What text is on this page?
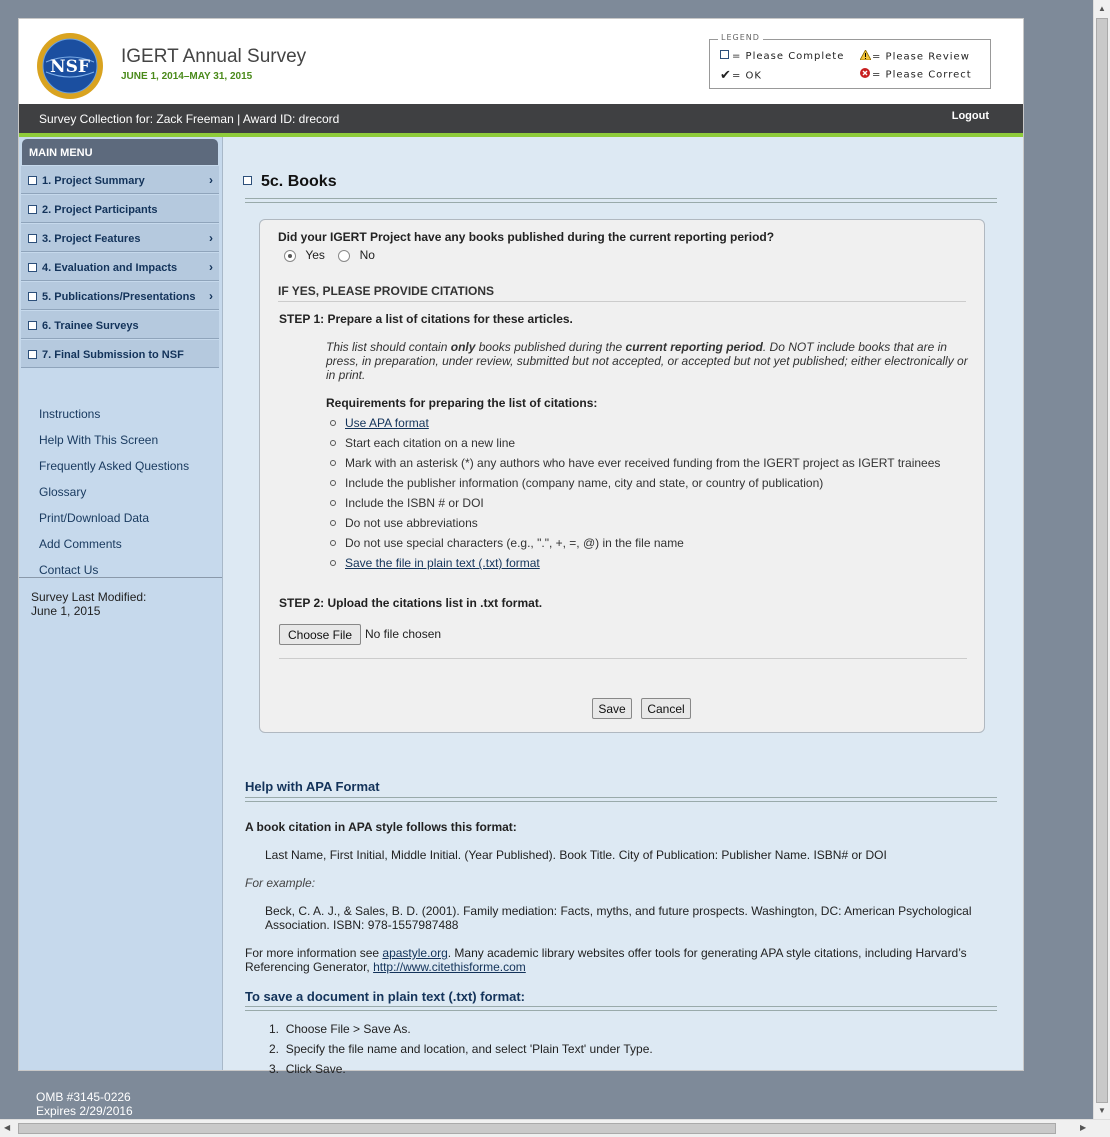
NSF IGERT Annual Survey
JUNE 1, 2014–MAY 31, 2015
LEGEND
= Please Complete
✔= OK
= Please Review
= Please Correct
Survey Collection for: Zack Freeman | Award ID: drecord	Logout
MAIN MENU
1. Project Summary	›
2. Project Participants
3. Project Features	›
4. Evaluation and Impacts	›
5. Publications/Presentations ›
6. Trainee Surveys
7. Final Submission to NSF
Instructions
Help With This Screen
Frequently Asked Questions
Glossary
Print/Download Data
Add Comments
Contact Us
Survey Last Modified:
June 1, 2015
5c. Books
Did your IGERT Project have any books published during the current reporting period?
Yes	No
IF YES, PLEASE PROVIDE CITATIONS
STEP 1: Prepare a list of citations for these articles.
This list should contain only books published during the current reporting period. Do NOT include books that are in press, in preparation, under review, submitted but not accepted, or accepted but not yet published; either electronically or in print.
Requirements for preparing the list of citations:
Use APA format
Start each citation on a new line
Mark with an asterisk (*) any authors who have ever received funding from the IGERT project as IGERT trainees
Include the publisher information (company name, city and state, or country of publication)
Include the ISBN # or DOI
Do not use abbreviations
Do not use special characters (e.g., ".", +, =, @) in the file name
Save the file in plain text (.txt) format
STEP 2: Upload the citations list in .txt format.
Choose File	No file chosen
Save	Cancel
Help with APA Format
A book citation in APA style follows this format:
Last Name, First Initial, Middle Initial. (Year Published). Book Title. City of Publication: Publisher Name. ISBN# or DOI
For example:
Beck, C. A. J., & Sales, B. D. (2001). Family mediation: Facts, myths, and future prospects. Washington, DC: American Psychological
Association. ISBN: 978-1557987488
For more information see apastyle.org. Many academic library websites offer tools for generating APA style citations, including Harvard’s
Referencing Generator, http://www.citethisforme.com
To save a document in plain text (.txt) format:
1.  Choose File > Save As.
2.  Specify the file name and location, and select 'Plain Text' under Type.
3.  Click Save.
OMB #3145-0226
Expires 2/29/2016
▲
▼
◀	▶
